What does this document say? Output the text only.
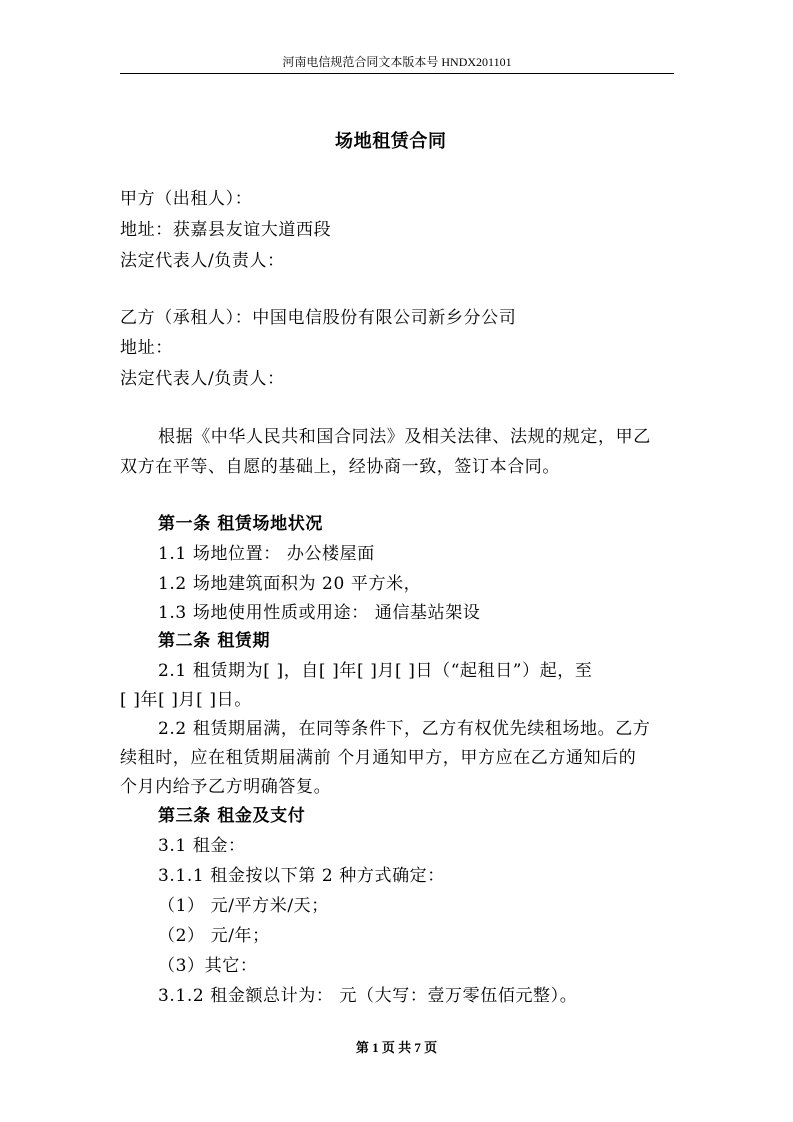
河南电信规范合同文本版本号 HNDX201101
场地租赁合同
甲方（出租人）：
地址：获嘉县友谊大道西段
法定代表人/负责人：
乙方（承租人）：中国电信股份有限公司新乡分公司
地址：
法定代表人/负责人：
根据《中华人民共和国合同法》及相关法律、法规的规定，甲乙
双方在平等、自愿的基础上，经协商一致，签订本合同。
第一条 租赁场地状况
1.1 场地位置： 办公楼屋面
1.2 场地建筑面积为 20 平方米，
1.3 场地使用性质或用途： 通信基站架设
第二条 租赁期
2.1 租赁期为[ ]，自[ ]年[ ]月[ ]日（“起租日”）起，至
[ ]年[ ]月[ ]日。
2.2 租赁期届满，在同等条件下，乙方有权优先续租场地。乙方
续租时，应在租赁期届满前 个月通知甲方，甲方应在乙方通知后的
个月内给予乙方明确答复。
第三条 租金及支付
3.1 租金：
3.1.1 租金按以下第 2 种方式确定：
（1） 元/平方米/天；
（2） 元/年；
（3）其它：
3.1.2 租金额总计为： 元（大写：壹万零伍佰元整）。
第 1 页 共 7 页
